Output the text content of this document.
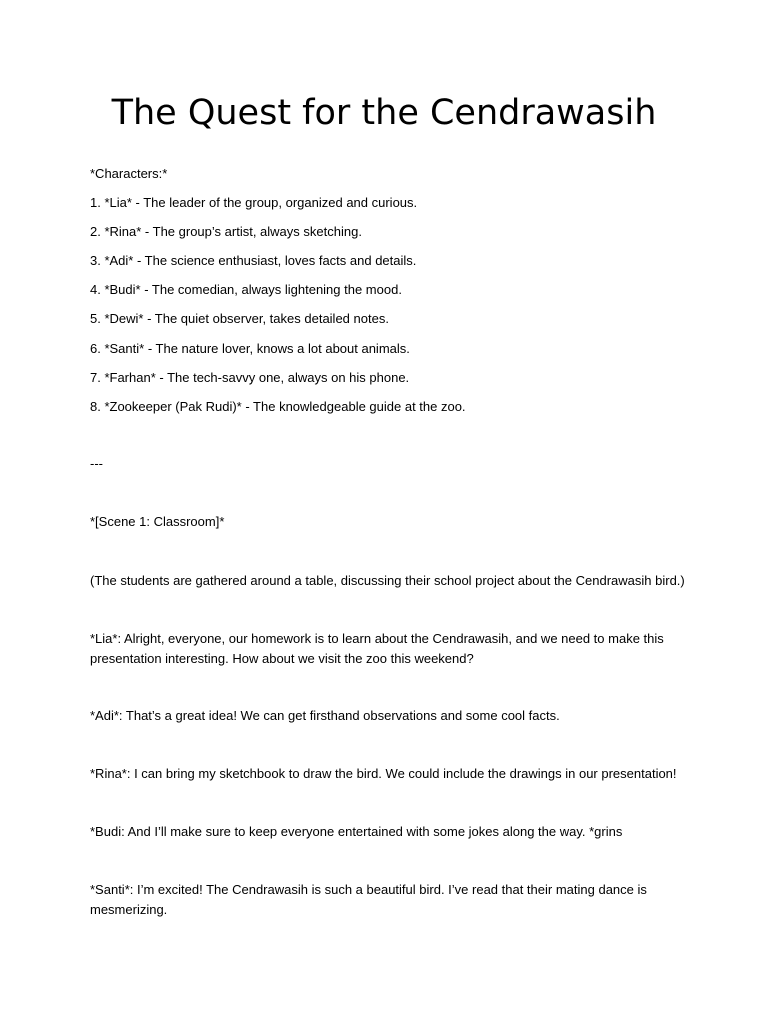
The Quest for the Cendrawasih
*Characters:*
1. *Lia* - The leader of the group, organized and curious.
2. *Rina* - The group’s artist, always sketching.
3. *Adi* - The science enthusiast, loves facts and details.
4. *Budi* - The comedian, always lightening the mood.
5. *Dewi* - The quiet observer, takes detailed notes.
6. *Santi* - The nature lover, knows a lot about animals.
7. *Farhan* - The tech-savvy one, always on his phone.
8. *Zookeeper (Pak Rudi)* - The knowledgeable guide at the zoo.
---
*[Scene 1: Classroom]*
(The students are gathered around a table, discussing their school project about the Cendrawasih bird.)
*Lia*: Alright, everyone, our homework is to learn about the Cendrawasih, and we need to make this presentation interesting. How about we visit the zoo this weekend?
*Adi*: That’s a great idea! We can get firsthand observations and some cool facts.
*Rina*: I can bring my sketchbook to draw the bird. We could include the drawings in our presentation!
*Budi: And I’ll make sure to keep everyone entertained with some jokes along the way. *grins
*Santi*: I’m excited! The Cendrawasih is such a beautiful bird. I’ve read that their mating dance is mesmerizing.
